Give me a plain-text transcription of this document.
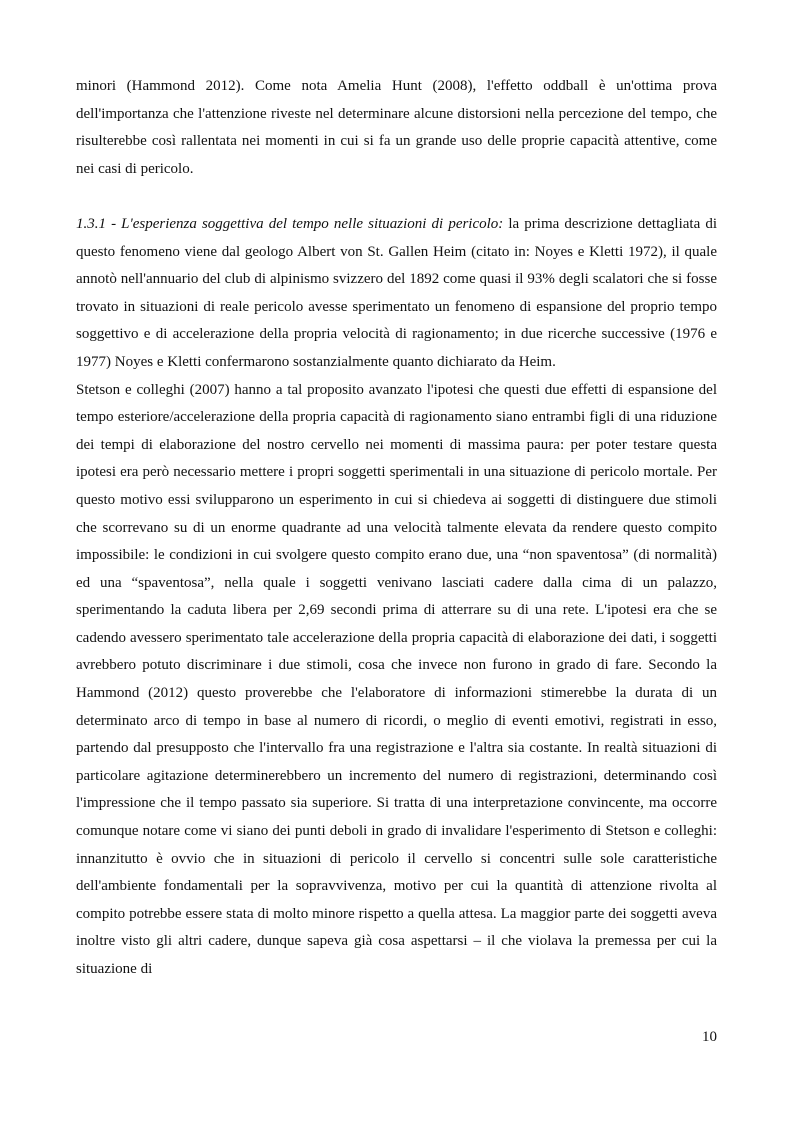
minori (Hammond 2012). Come nota Amelia Hunt (2008), l'effetto oddball è un'ottima prova dell'importanza che l'attenzione riveste nel determinare alcune distorsioni nella percezione del tempo, che risulterebbe così rallentata nei momenti in cui si fa un grande uso delle proprie capacità attentive, come nei casi di pericolo.

1.3.1 - L'esperienza soggettiva del tempo nelle situazioni di pericolo: la prima descrizione dettagliata di questo fenomeno viene dal geologo Albert von St. Gallen Heim (citato in: Noyes e Kletti 1972), il quale annotò nell'annuario del club di alpinismo svizzero del 1892 come quasi il 93% degli scalatori che si fosse trovato in situazioni di reale pericolo avesse sperimentato un fenomeno di espansione del proprio tempo soggettivo e di accelerazione della propria velocità di ragionamento; in due ricerche successive (1976 e 1977) Noyes e Kletti confermarono sostanzialmente quanto dichiarato da Heim.

Stetson e colleghi (2007) hanno a tal proposito avanzato l'ipotesi che questi due effetti di espansione del tempo esteriore/accelerazione della propria capacità di ragionamento siano entrambi figli di una riduzione dei tempi di elaborazione del nostro cervello nei momenti di massima paura: per poter testare questa ipotesi era però necessario mettere i propri soggetti sperimentali in una situazione di pericolo mortale. Per questo motivo essi svilupparono un esperimento in cui si chiedeva ai soggetti di distinguere due stimoli che scorrevano su di un enorme quadrante ad una velocità talmente elevata da rendere questo compito impossibile: le condizioni in cui svolgere questo compito erano due, una “non spaventosa” (di normalità) ed una “spaventosa”, nella quale i soggetti venivano lasciati cadere dalla cima di un palazzo, sperimentando la caduta libera per 2,69 secondi prima di atterrare su di una rete. L'ipotesi era che se cadendo avessero sperimentato tale accelerazione della propria capacità di elaborazione dei dati, i soggetti avrebbero potuto discriminare i due stimoli, cosa che invece non furono in grado di fare. Secondo la Hammond (2012) questo proverebbe che l'elaboratore di informazioni stimerebbe la durata di un determinato arco di tempo in base al numero di ricordi, o meglio di eventi emotivi, registrati in esso, partendo dal presupposto che l'intervallo fra una registrazione e l'altra sia costante. In realtà situazioni di particolare agitazione determinerebbero un incremento del numero di registrazioni, determinando così l'impressione che il tempo passato sia superiore. Si tratta di una interpretazione convincente, ma occorre comunque notare come vi siano dei punti deboli in grado di invalidare l'esperimento di Stetson e colleghi: innanzitutto è ovvio che in situazioni di pericolo il cervello si concentri sulle sole caratteristiche dell'ambiente fondamentali per la sopravvivenza, motivo per cui la quantità di attenzione rivolta al compito potrebbe essere stata di molto minore rispetto a quella attesa. La maggior parte dei soggetti aveva inoltre visto gli altri cadere, dunque sapeva già cosa aspettarsi – il che violava la premessa per cui la situazione di

10
